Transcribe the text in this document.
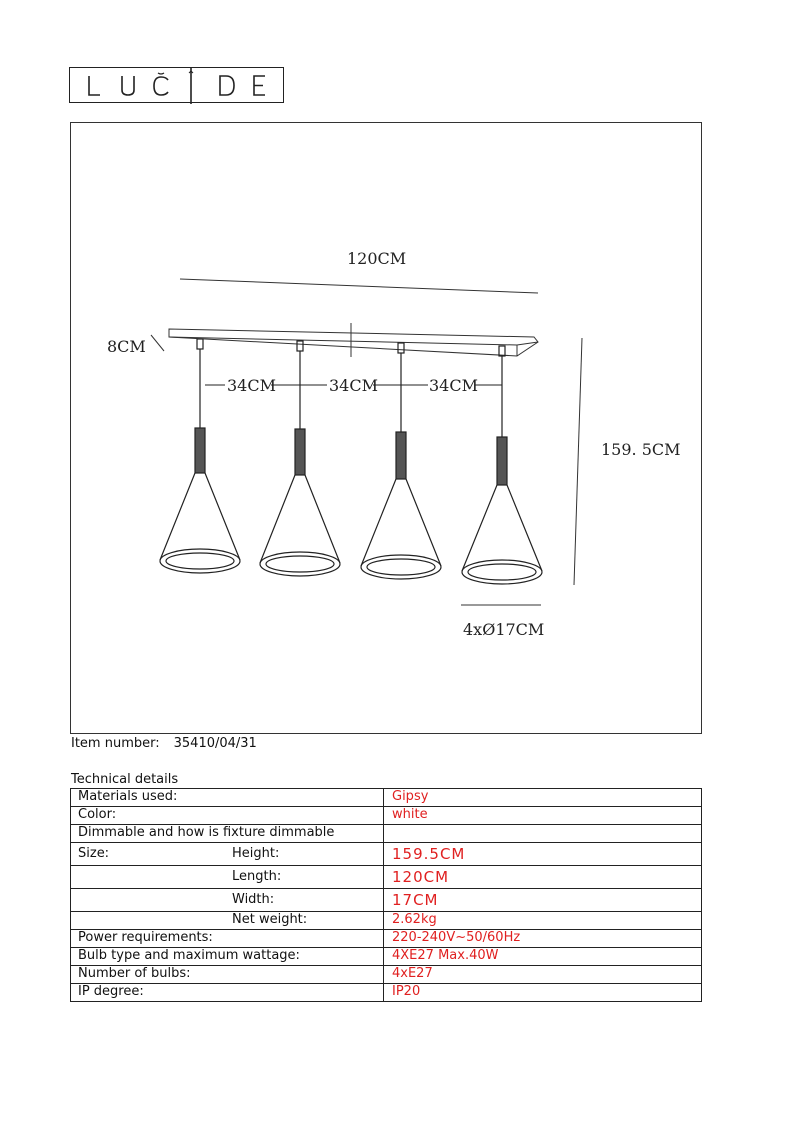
120CM
8CM
34CM	34CM	34CM
159. 5CM
4xØ17CM
Item number: 35410/04/31
Technical details
Materials used:	Gipsy
Color:	white
Dimmable and how is fixture dimmable	
Size: Height:	159.5CM

Length:	120CM

Width:	17CM

Net weight:	2.62kg
Power requirements:	220-240V~50/60Hz
Bulb type and maximum wattage:	4XE27 Max.40W
Number of bulbs:	4xE27
IP degree:	IP20
